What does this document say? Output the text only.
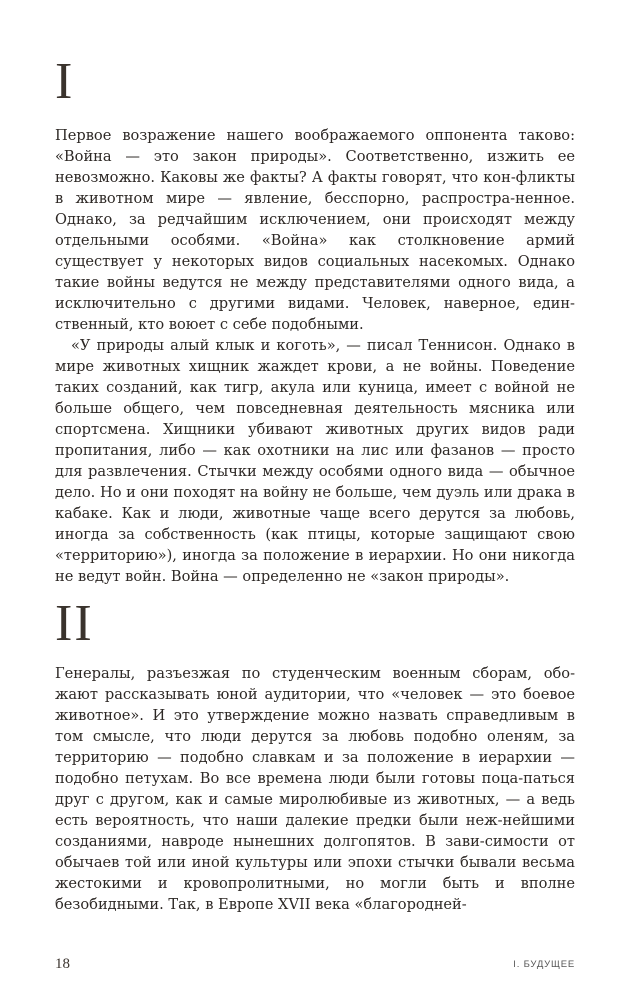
I

Первое возражение нашего воображаемого оппонента таково: «Война — это закон природы». Соответственно, изжить ее невозможно. Каковы же факты? А факты говорят, что кон-фликты в животном мире — явление, бесспорно, распростра-ненное. Однако, за редчайшим исключением, они происходят между отдельными особями. «Война» как столкновение армий существует у некоторых видов социальных насекомых. Однако такие войны ведутся не между представителями одного вида, а исключительно с другими видами. Человек, наверное, един-ственный, кто воюет с себе подобными.

«У природы алый клык и коготь», — писал Теннисон. Однако в мире животных хищник жаждет крови, а не войны. Поведение таких созданий, как тигр, акула или куница, имеет с войной не больше общего, чем повседневная деятельность мясника или спортсмена. Хищники убивают животных других видов ради пропитания, либо — как охотники на лис или фазанов — просто для развлечения. Стычки между особями одного вида — обычное дело. Но и они походят на войну не больше, чем дуэль или драка в кабаке. Как и люди, животные чаще всего дерутся за любовь, иногда за собственность (как птицы, которые защищают свою «территорию»), иногда за положение в иерархии. Но они никогда не ведут войн. Война — определенно не «закон природы».

II

Генералы, разъезжая по студенческим военным сборам, обо-жают рассказывать юной аудитории, что «человек — это боевое животное». И это утверждение можно назвать справедливым в том смысле, что люди дерутся за любовь подобно оленям, за территорию — подобно славкам и за положение в иерархии — подобно петухам. Во все времена люди были готовы поца-паться друг с другом, как и самые миролюбивые из животных, — а ведь есть вероятность, что наши далекие предки были неж-нейшими созданиями, навроде нынешних долгопятов. В зави-симости от обычаев той или иной культуры или эпохи стычки бывали весьма жестокими и кровопролитными, но могли быть и вполне безобидными. Так, в Европе XVII века «благородней-

18	I. БУДУЩЕЕ
